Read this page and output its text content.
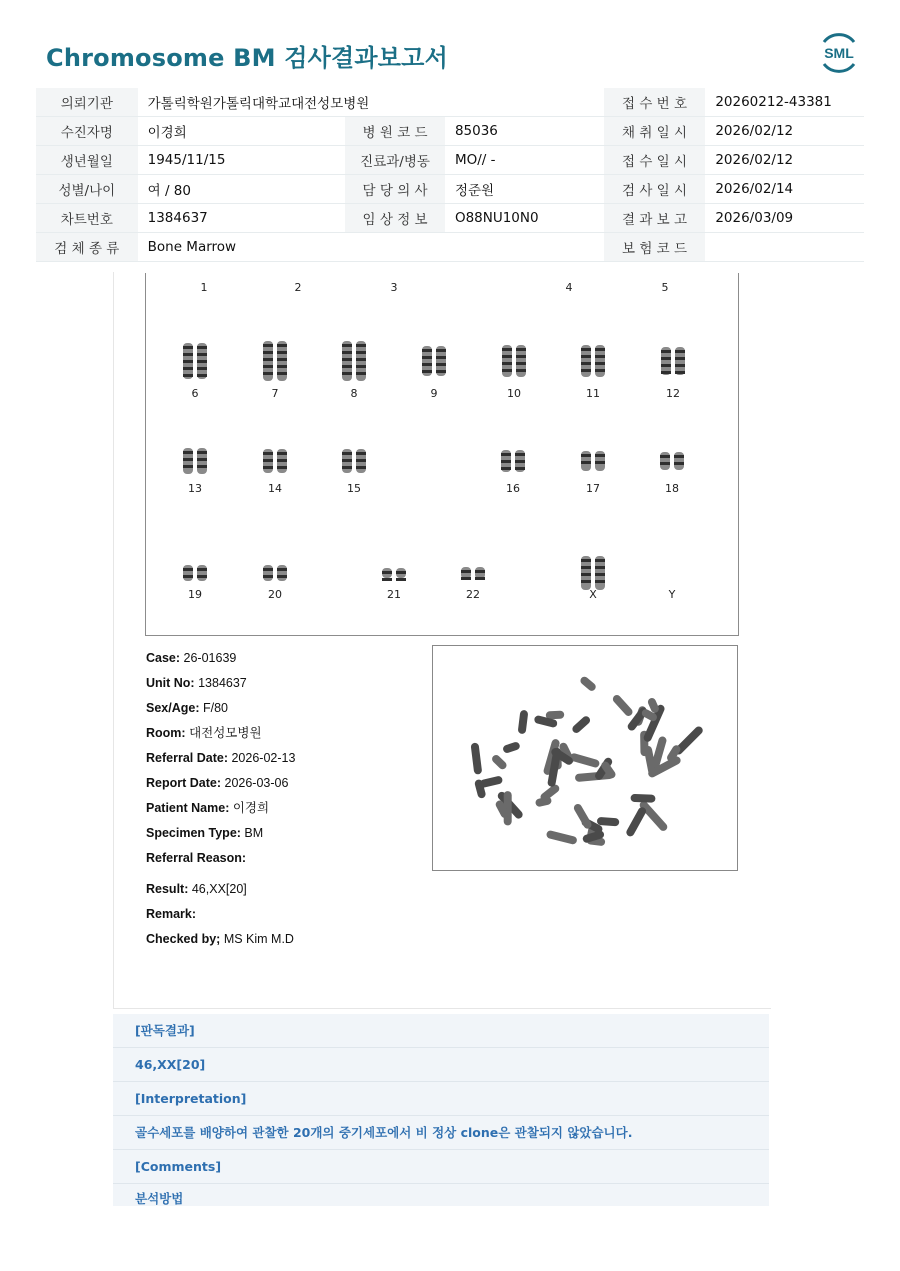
Chromosome BM 검사결과보고서	SML
의뢰기관	가톨릭학원가톨릭대학교대전성모병원			접 수 번 호	20260212-43381
수진자명	이경희	병 원 코 드	85036	채 취 일 시	2026/02/12
생년월일	1945/11/15	진료과/병동	MO// -	접 수 일 시	2026/02/12
성별/나이	여 / 80	담 당 의 사	정준원	검 사 일 시	2026/02/14
차트번호	1384637	임 상 정 보	O88NU10N0	결 과 보 고	2026/03/09
검 체 종 류	Bone Marrow			보 험 코 드	
1	2	3	4	5
6	7	8	9	10	11	12
13	14	15	16	17	18
19	20	21	22	X	Y
Case: 26-01639
Unit No: 1384637
Sex/Age: F/80
Room: 대전성모병원
Referral Date: 2026-02-13
Report Date: 2026-03-06
Patient Name: 이경희
Specimen Type: BM
Referral Reason:
Result: 46,XX[20]
Remark:
Checked by; MS Kim M.D
[판독결과]
46,XX[20]
[Interpretation]
골수세포를 배양하여 관찰한 20개의 중기세포에서 비 정상 clone은 관찰되지 않았습니다.
[Comments]
분석방법
